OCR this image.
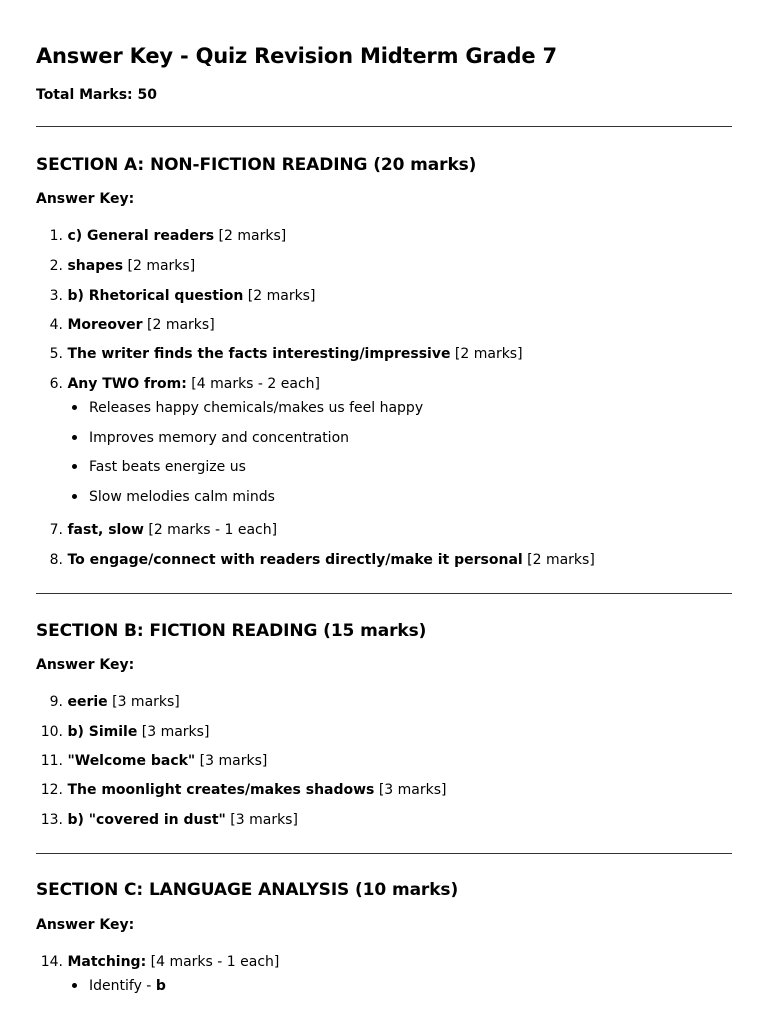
Answer Key - Quiz Revision Midterm Grade 7
Total Marks: 50
SECTION A: NON-FICTION READING (20 marks)
Answer Key:
1. c) General readers [2 marks]
2. shapes [2 marks]
3. b) Rhetorical question [2 marks]
4. Moreover [2 marks]
5. The writer finds the facts interesting/impressive [2 marks]
6. Any TWO from: [4 marks - 2 each]
Releases happy chemicals/makes us feel happy
Improves memory and concentration
Fast beats energize us
Slow melodies calm minds
7. fast, slow [2 marks - 1 each]
8. To engage/connect with readers directly/make it personal [2 marks]
SECTION B: FICTION READING (15 marks)
Answer Key:
9. eerie [3 marks]
10. b) Simile [3 marks]
11. "Welcome back" [3 marks]
12. The moonlight creates/makes shadows [3 marks]
13. b) "covered in dust" [3 marks]
SECTION C: LANGUAGE ANALYSIS (10 marks)
Answer Key:
14. Matching: [4 marks - 1 each]
Identify - b
